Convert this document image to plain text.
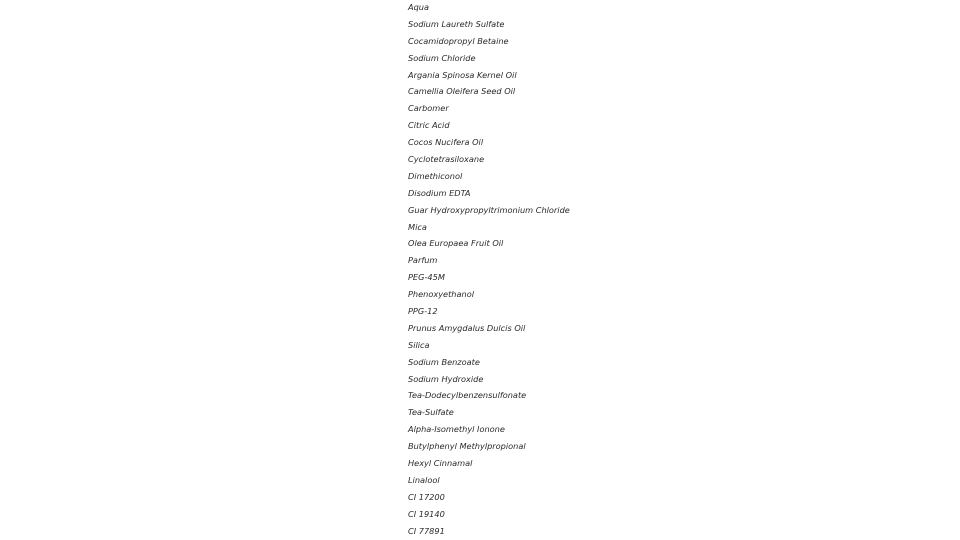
Aqua
Sodium Laureth Sulfate
Cocamidopropyl Betaine
Sodium Chloride
Argania Spinosa Kernel Oil
Camellia Oleifera Seed Oil
Carbomer
Citric Acid
Cocos Nucifera Oil
Cyclotetrasiloxane
Dimethiconol
Disodium EDTA
Guar Hydroxypropyltrimonium Chloride
Mica
Olea Europaea Fruit Oil
Parfum
PEG-45M
Phenoxyethanol
PPG-12
Prunus Amygdalus Dulcis Oil
Silica
Sodium Benzoate
Sodium Hydroxide
Tea-Dodecylbenzensulfonate
Tea-Sulfate
Alpha-Isomethyl Ionone
Butylphenyl Methylpropional
Hexyl Cinnamal
Linalool
CI 17200
CI 19140
CI 77891
